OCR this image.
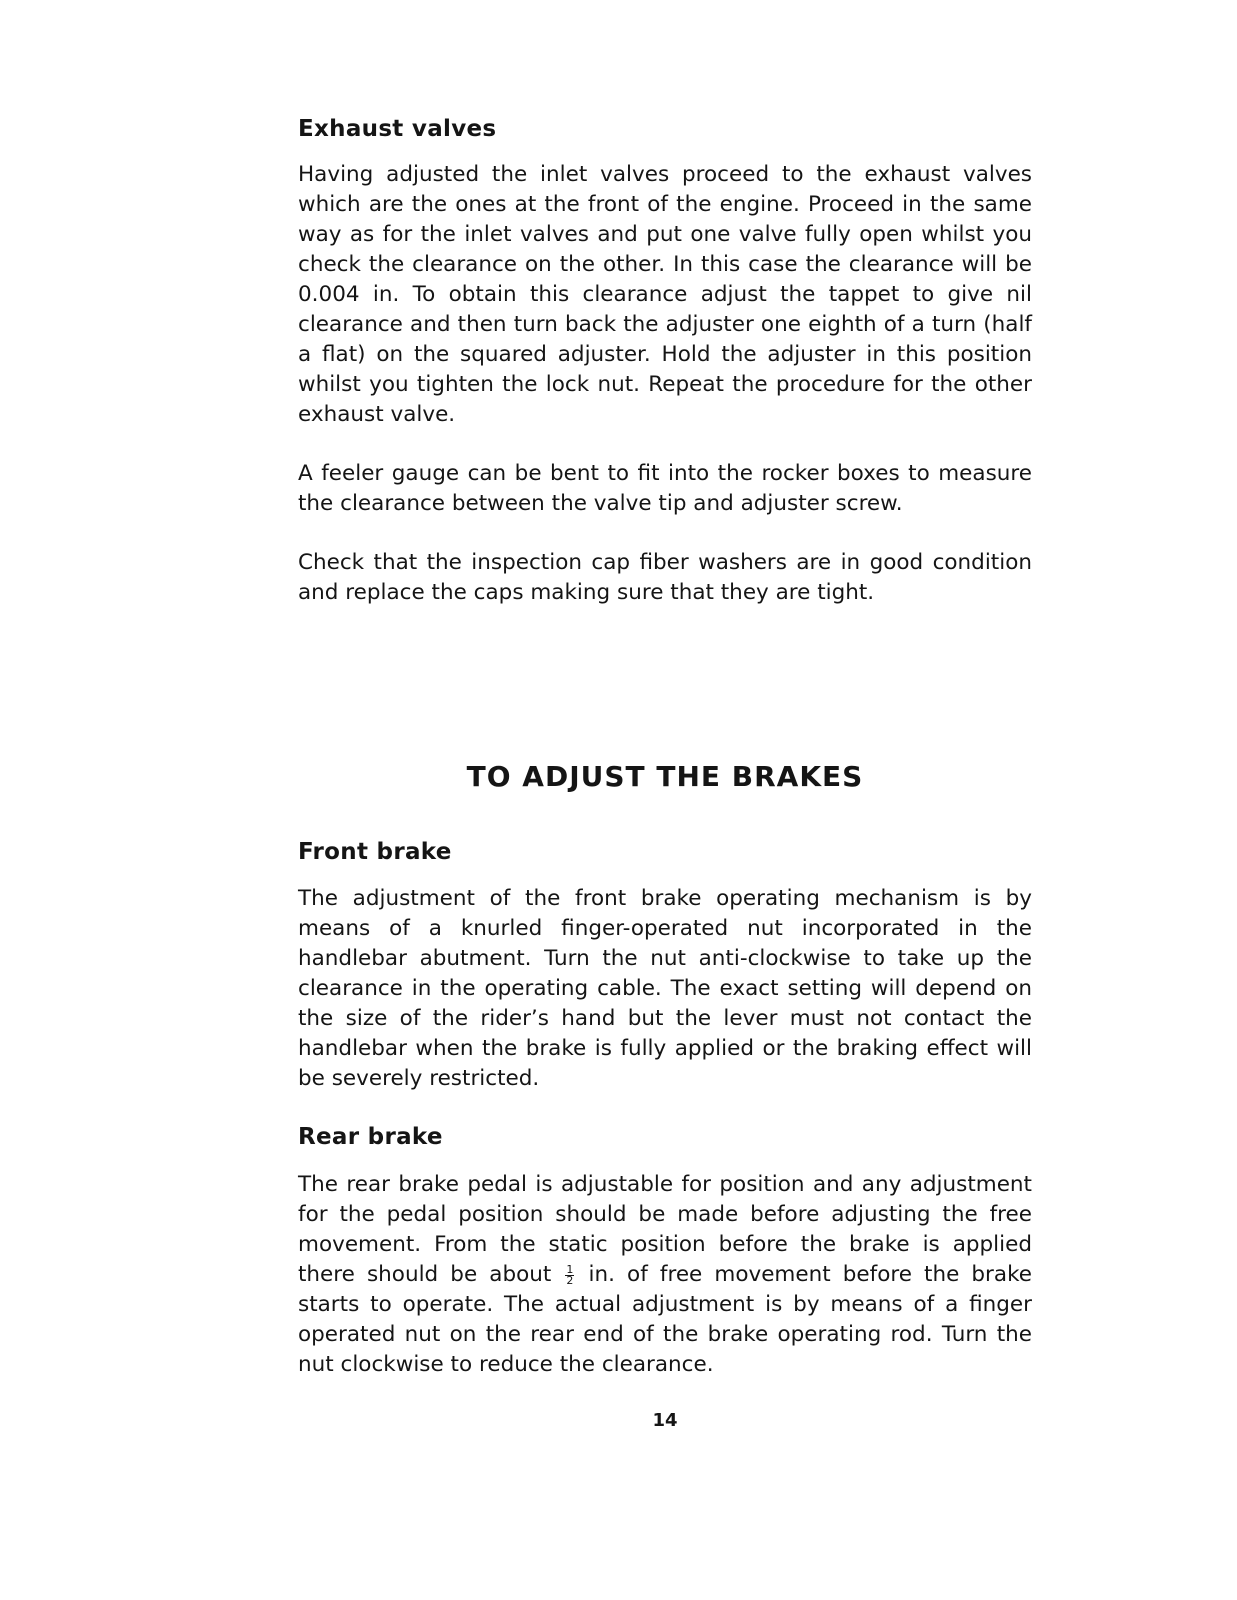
Exhaust valves

Having adjusted the inlet valves proceed to the exhaust valves which are the ones at the front of the engine. Proceed in the same way as for the inlet valves and put one valve fully open whilst you check the clearance on the other. In this case the clearance will be 0.004 in. To obtain this clearance adjust the tappet to give nil clearance and then turn back the adjuster one eighth of a turn (half a flat) on the squared adjuster. Hold the adjuster in this position whilst you tighten the lock nut. Repeat the procedure for the other exhaust valve.

A feeler gauge can be bent to fit into the rocker boxes to measure the clearance between the valve tip and adjuster screw.

Check that the inspection cap fiber washers are in good condition and replace the caps making sure that they are tight.

TO ADJUST THE BRAKES
Front brake

The adjustment of the front brake operating mechanism is by means of a knurled finger-operated nut incorporated in the handlebar abutment. Turn the nut anti-clockwise to take up the clearance in the operating cable. The exact setting will depend on the size of the rider’s hand but the lever must not contact the handlebar when the brake is fully applied or the braking effect will be severely restricted.

Rear brake

The rear brake pedal is adjustable for position and any adjustment for the pedal position should be made before adjusting the free movement. From the static position before the brake is applied there should be about $\frac{1}{2}$ in. of free movement before the brake starts to operate. The actual adjustment is by means of a finger operated nut on the rear end of the brake operating rod. Turn the nut clockwise to reduce the clearance.

14
